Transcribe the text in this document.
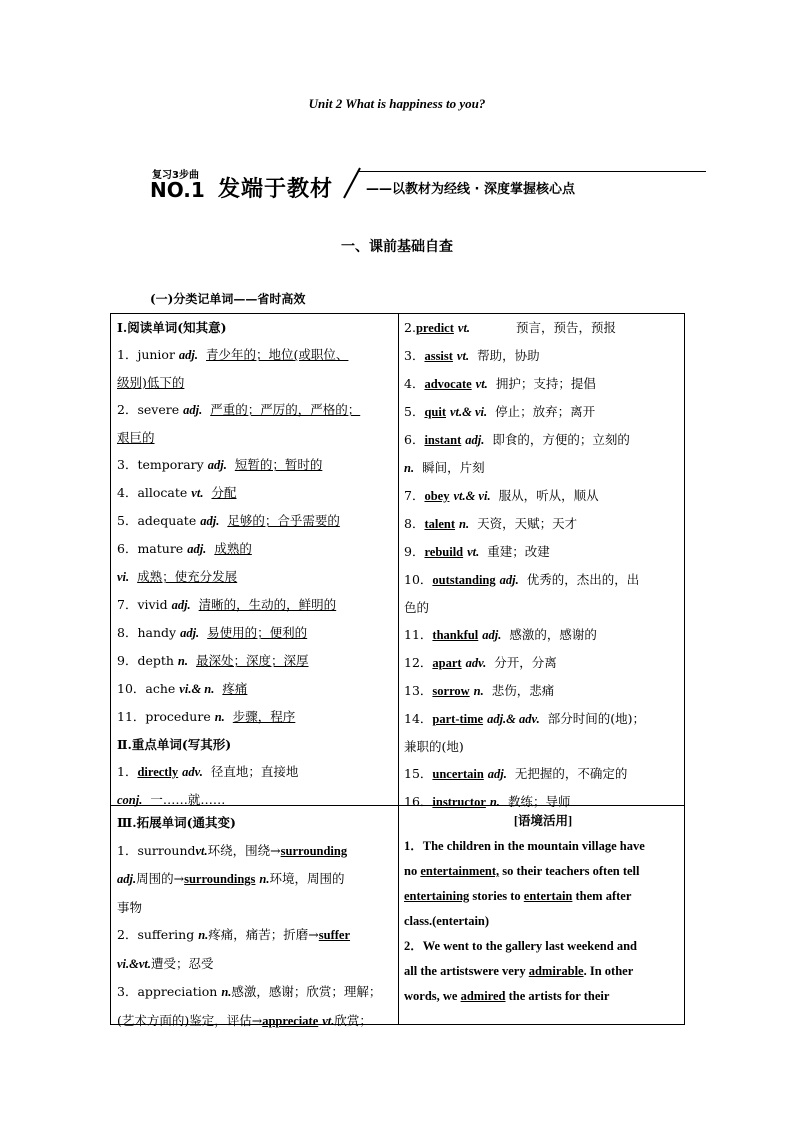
Unit 2 What is happiness to you?
复习3步曲
NO.1 发端于教材	——以教材为经线 · 深度掌握核心点
一、课前基础自查
(一)分类记单词——省时高效
Ⅰ.阅读单词(知其意)
1．junior adj. 青少年的；地位(或职位、
级别)低下的
2．severe adj. 严重的；严厉的，严格的；
艰巨的
3．temporary adj. 短暂的；暂时的
4．allocate vt. 分配
5．adequate adj. 足够的；合乎需要的
6．mature adj. 成熟的
vi. 成熟；使充分发展
7．vivid adj. 清晰的，生动的，鲜明的
8．handy adj. 易使用的；便利的
9．depth n. 最深处；深度；深厚
10．ache vi.& n. 疼痛
11．procedure n. 步骤，程序
Ⅱ.重点单词(写其形)
1．directly adv. 径直地；直接地
conj. 一……就……
2.predict vt.	预言，预告，预报
3．assist vt. 帮助，协助
4．advocate vt. 拥护；支持；提倡
5．quit vt.& vi. 停止；放弃；离开
6．instant adj. 即食的，方便的；立刻的
n. 瞬间，片刻
7．obey vt.& vi. 服从，听从，顺从
8．talent n. 天资，天赋；天才
9．rebuild vt. 重建；改建
10．outstanding adj. 优秀的，杰出的，出
色的
11．thankful adj. 感激的，感谢的
12．apart adv. 分开，分离
13．sorrow n. 悲伤，悲痛
14．part-time adj.& adv. 部分时间的(地)；
兼职的(地)
15．uncertain adj. 无把握的，不确定的
16．instructor n. 教练；导师
Ⅲ.拓展单词(通其变)
1．surroundvt.环绕，围绕→surrounding
adj.周围的→surroundings n.环境，周围的
事物
2．suffering n.疼痛，痛苦；折磨→suffer
vi.&vt.遭受；忍受
3．appreciation n.感激，感谢；欣赏；理解；
(艺术方面的)鉴定，评估→appreciate vt.欣赏；
[语境活用]
1．The children in the mountain village have
no entertainment, so their teachers often tell
entertaining stories to entertain them after
class.(entertain)
2．We went to the gallery last weekend and
all the artistswere very admirable. In other
words, we admired the artists for their
